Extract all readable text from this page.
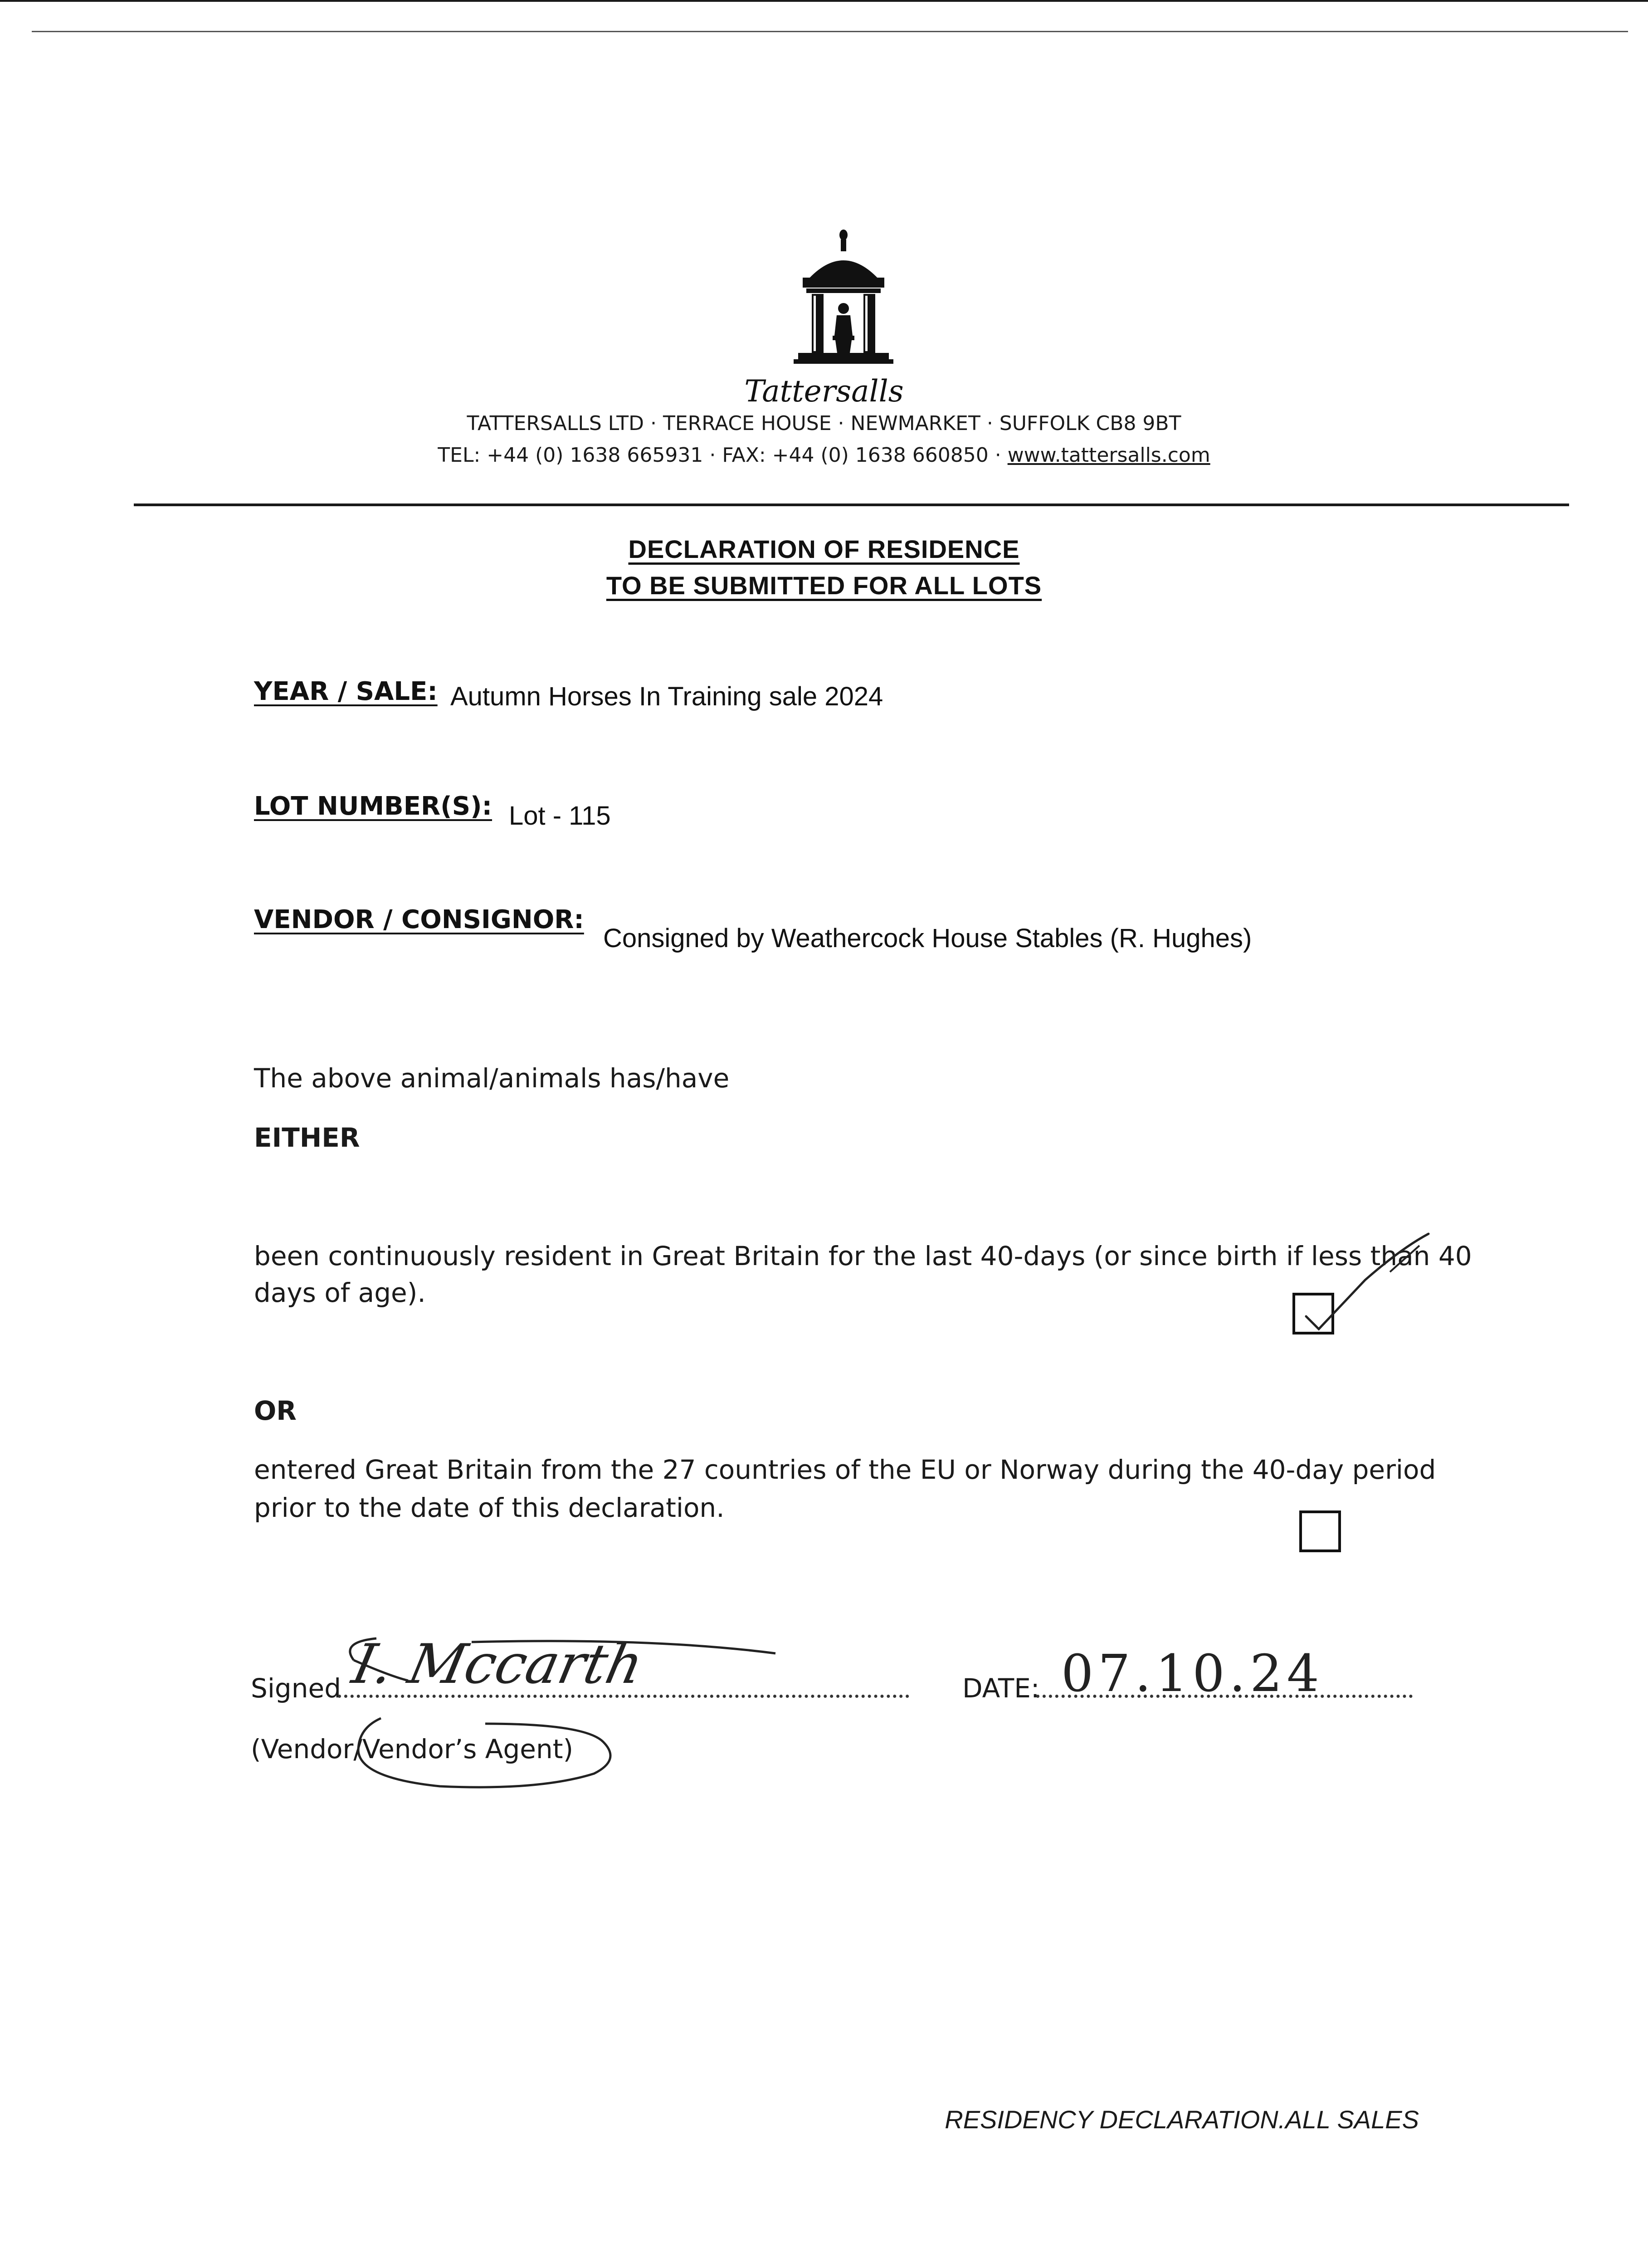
Tattersalls
TATTERSALLS LTD · TERRACE HOUSE · NEWMARKET · SUFFOLK CB8 9BT
TEL: +44 (0) 1638 665931 · FAX: +44 (0) 1638 660850 · www.tattersalls.com
DECLARATION OF RESIDENCE
TO BE SUBMITTED FOR ALL LOTS
YEAR / SALE: Autumn Horses In Training sale 2024
LOT NUMBER(S): Lot - 115
VENDOR / CONSIGNOR:
Consigned by Weathercock House Stables (R. Hughes)
The above animal/animals has/have
EITHER
been continuously resident in Great Britain for the last 40-days (or since birth if less than 40
days of age).
OR
entered Great Britain from the 27 countries of the EU or Norway during the 40-day period
prior to the date of this declaration.
Signed I. Mccarth	DATE: 07.10.24
(Vendor/Vendor’s Agent)
RESIDENCY DECLARATION.ALL SALES
